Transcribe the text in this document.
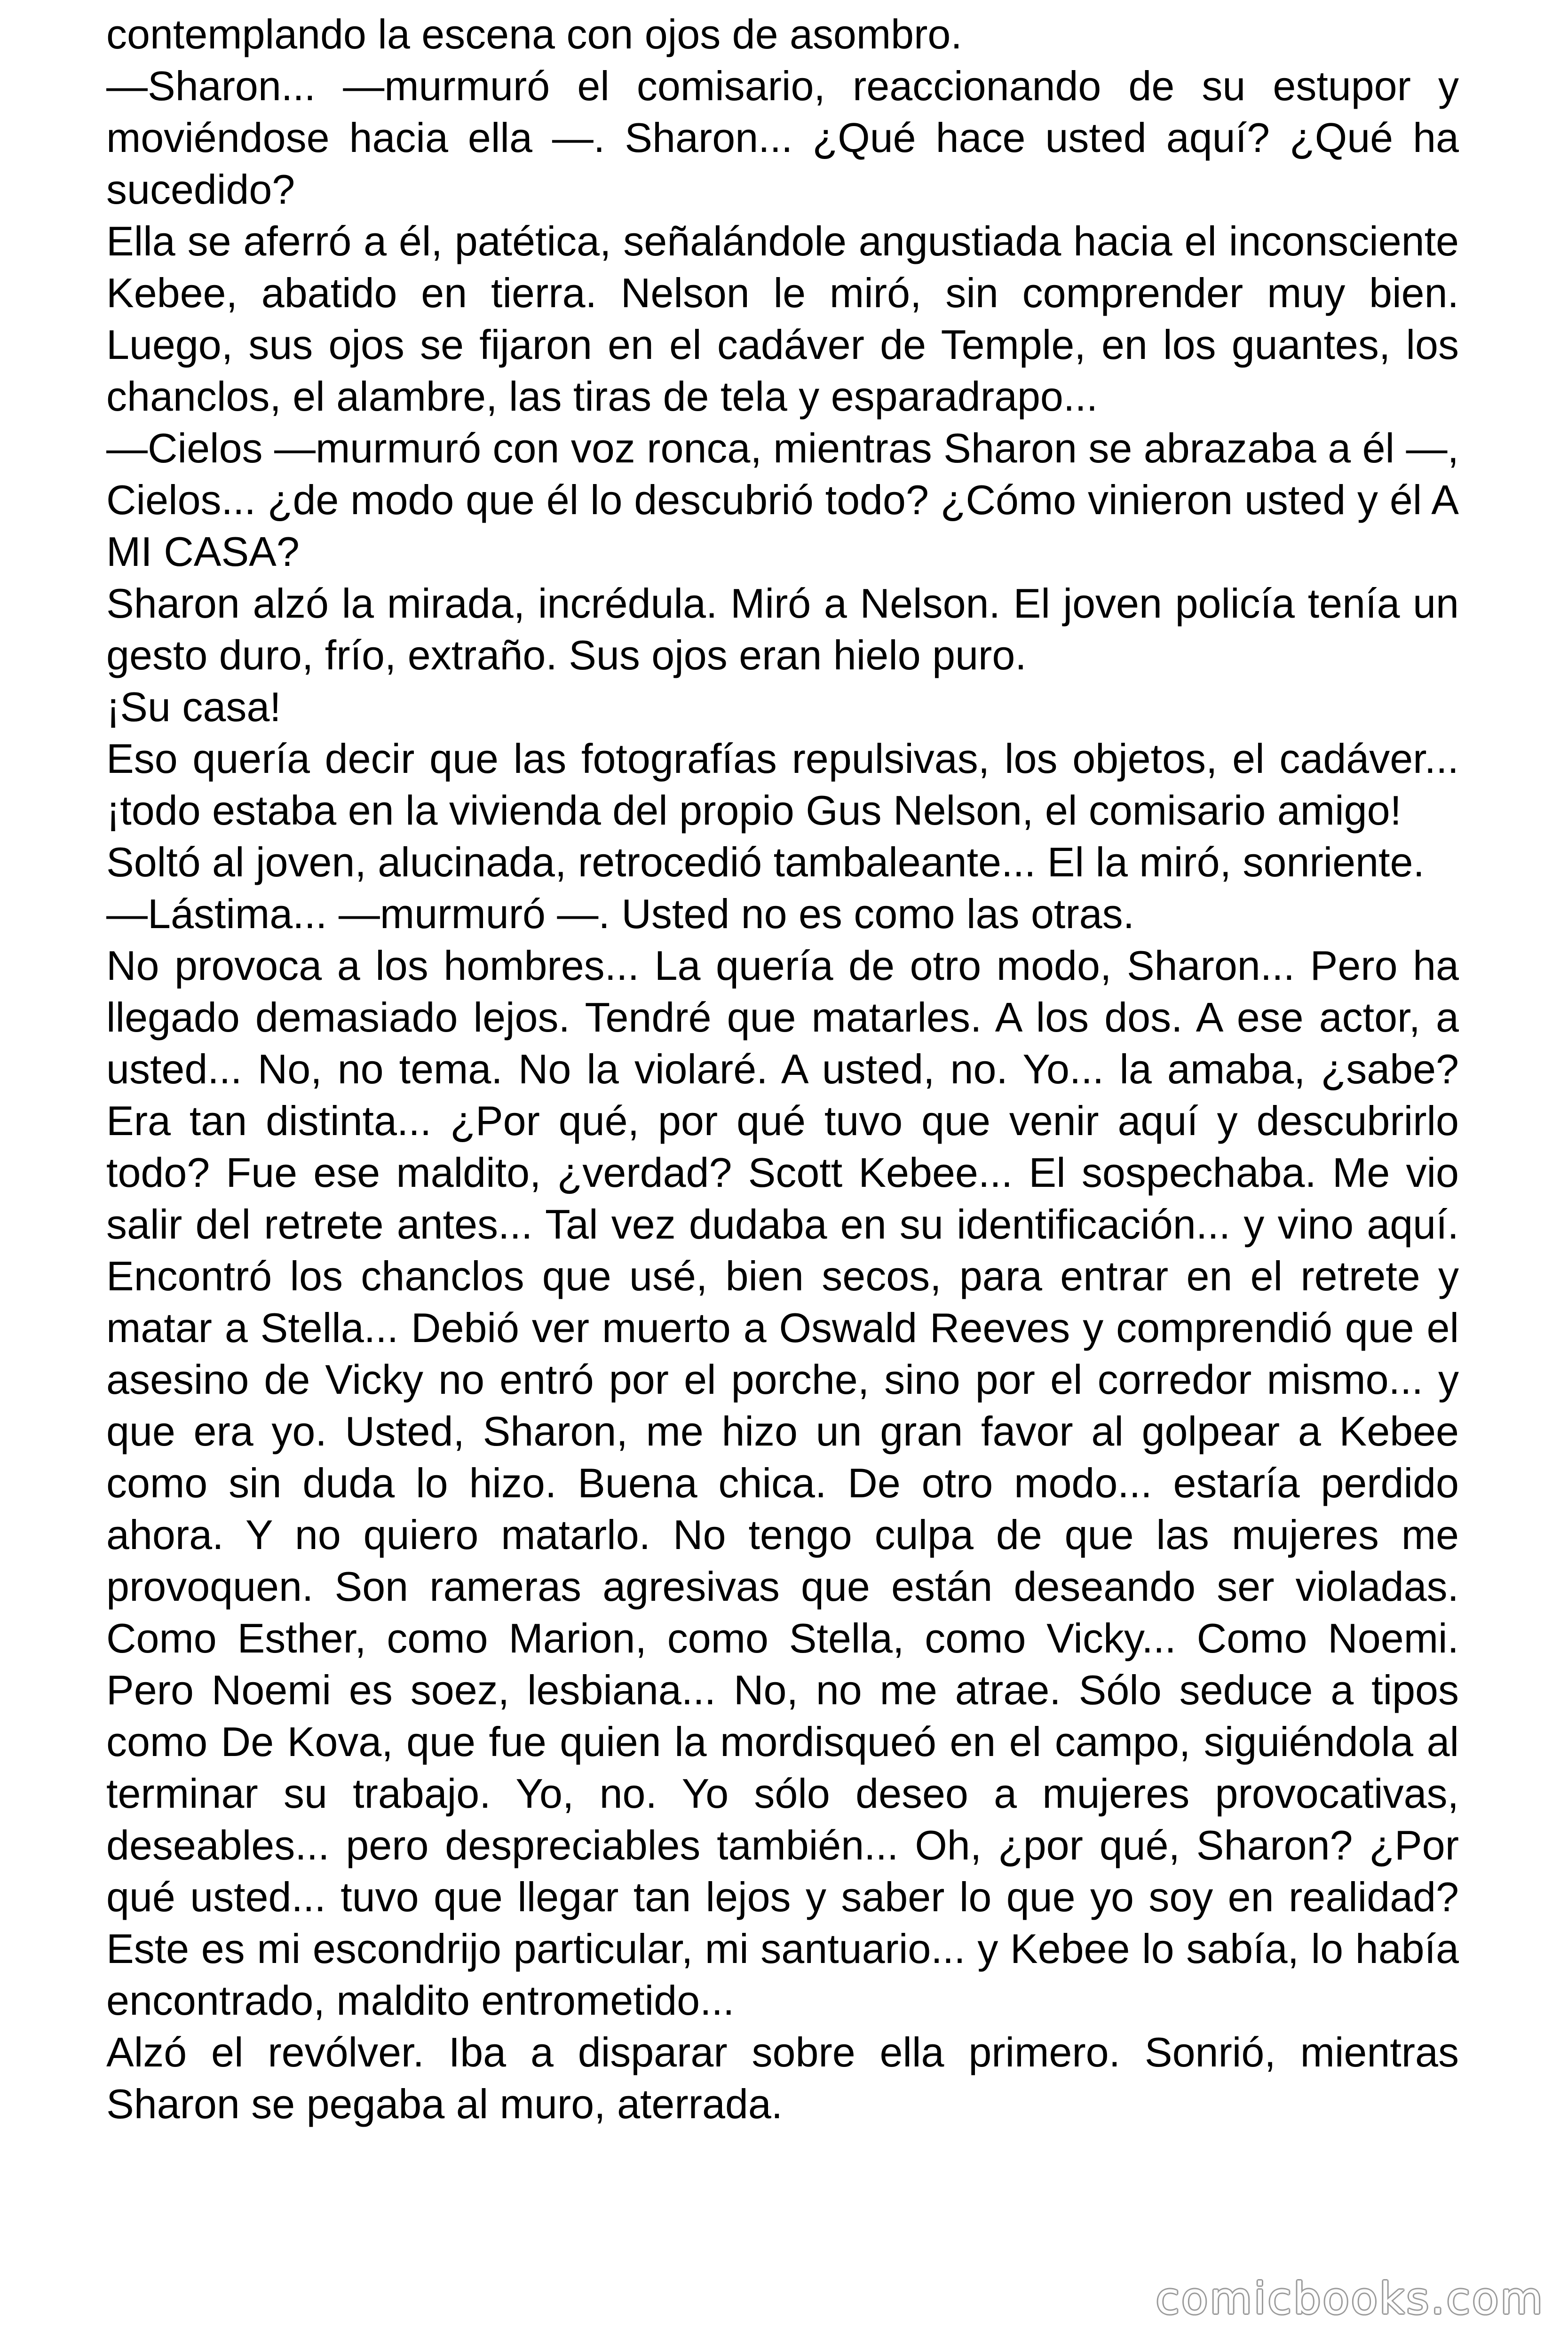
contemplando la escena con ojos de asombro.

—Sharon... —murmuró el comisario, reaccionando de su estupor y moviéndose hacia ella —. Sharon... ¿Qué hace usted aquí? ¿Qué ha sucedido?

Ella se aferró a él, patética, señalándole angustiada hacia el inconsciente Kebee, abatido en tierra. Nelson le miró, sin comprender muy bien. Luego, sus ojos se fijaron en el cadáver de Temple, en los guantes, los chanclos, el alambre, las tiras de tela y esparadrapo...

—Cielos —murmuró con voz ronca, mientras Sharon se abrazaba a él —, Cielos... ¿de modo que él lo descubrió todo? ¿Cómo vinieron usted y él A MI CASA?

Sharon alzó la mirada, incrédula. Miró a Nelson. El joven policía tenía un gesto duro, frío, extraño. Sus ojos eran hielo puro.

¡Su casa!

Eso quería decir que las fotografías repulsivas, los objetos, el cadáver... ¡todo estaba en la vivienda del propio Gus Nelson, el comisario amigo!

Soltó al joven, alucinada, retrocedió tambaleante... El la miró, sonriente.

—Lástima... —murmuró —. Usted no es como las otras.

No provoca a los hombres... La quería de otro modo, Sharon... Pero ha llegado demasiado lejos. Tendré que matarles. A los dos. A ese actor, a usted... No, no tema. No la violaré. A usted, no. Yo... la amaba, ¿sabe? Era tan distinta... ¿Por qué, por qué tuvo que venir aquí y descubrirlo todo? Fue ese maldito, ¿verdad? Scott Kebee... El sospechaba. Me vio salir del retrete antes... Tal vez dudaba en su identificación... y vino aquí. Encontró los chanclos que usé, bien secos, para entrar en el retrete y matar a Stella... Debió ver muerto a Oswald Reeves y comprendió que el asesino de Vicky no entró por el porche, sino por el corredor mismo... y que era yo. Usted, Sharon, me hizo un gran favor al golpear a Kebee como sin duda lo hizo. Buena chica. De otro modo... estaría perdido ahora. Y no quiero matarlo. No tengo culpa de que las mujeres me provoquen. Son rameras agresivas que están deseando ser violadas. Como Esther, como Marion, como Stella, como Vicky... Como Noemi. Pero Noemi es soez, lesbiana... No, no me atrae. Sólo seduce a tipos como De Kova, que fue quien la mordisqueó en el campo, siguiéndola al terminar su trabajo. Yo, no. Yo sólo deseo a mujeres provocativas, deseables... pero despreciables también... Oh, ¿por qué, Sharon? ¿Por qué usted... tuvo que llegar tan lejos y saber lo que yo soy en realidad? Este es mi escondrijo particular, mi santuario... y Kebee lo sabía, lo había encontrado, maldito entrometido...

Alzó el revólver. Iba a disparar sobre ella primero. Sonrió, mientras Sharon se pegaba al muro, aterrada.

comicbooks.com
